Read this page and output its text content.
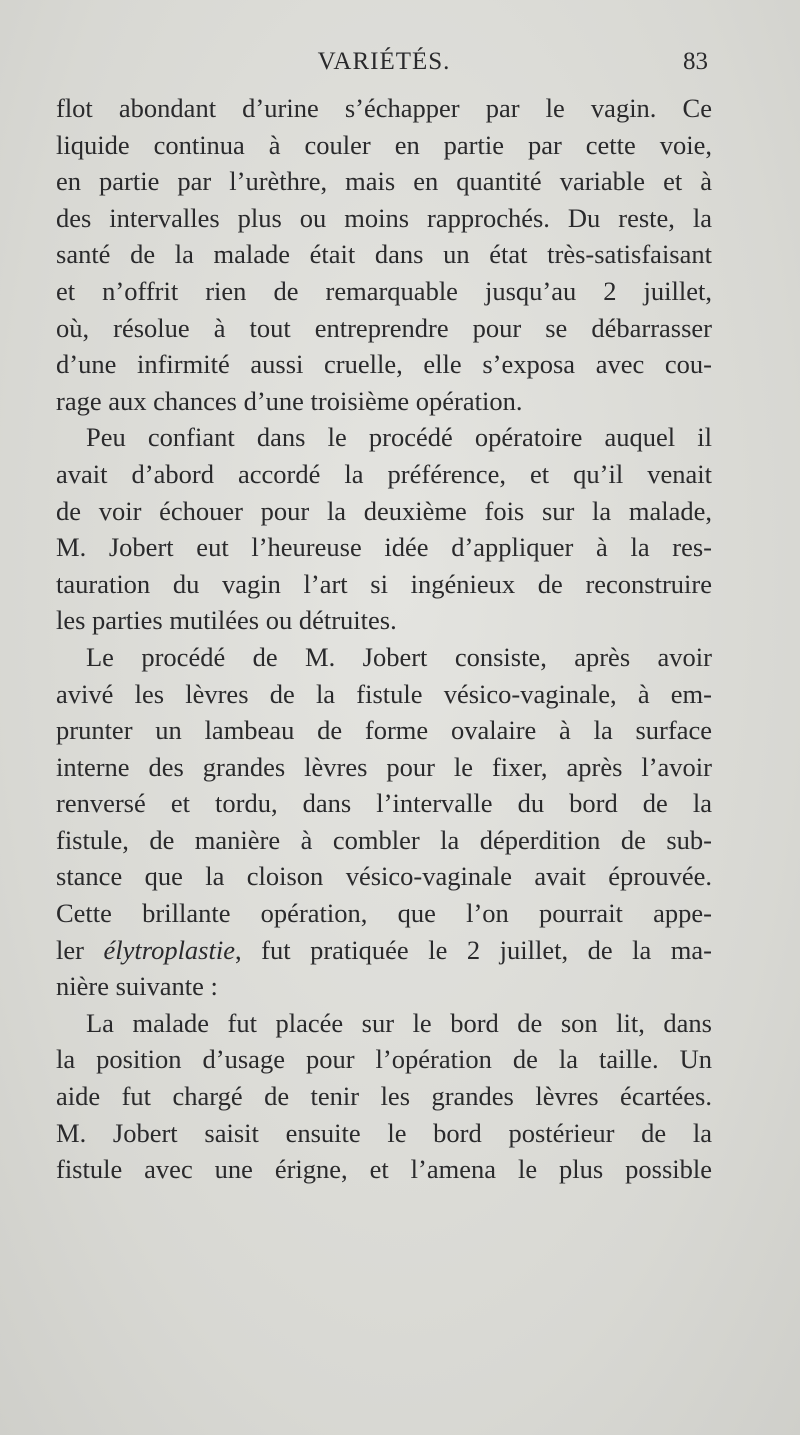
VARIÉTÉS.	83
flot abondant d’urine s’échapper par le vagin. Ce
liquide continua à couler en partie par cette voie,
en partie par l’urèthre, mais en quantité variable et à
des intervalles plus ou moins rapprochés. Du reste, la
santé de la malade était dans un état très-satisfaisant
et n’offrit rien de remarquable jusqu’au 2 juillet,
où, résolue à tout entreprendre pour se débarrasser
d’une infirmité aussi cruelle, elle s’exposa avec cou-
rage aux chances d’une troisième opération.
Peu confiant dans le procédé opératoire auquel il
avait d’abord accordé la préférence, et qu’il venait
de voir échouer pour la deuxième fois sur la malade,
M. Jobert eut l’heureuse idée d’appliquer à la res-
tauration du vagin l’art si ingénieux de reconstruire
les parties mutilées ou détruites.
Le procédé de M. Jobert consiste, après avoir
avivé les lèvres de la fistule vésico-vaginale, à em-
prunter un lambeau de forme ovalaire à la surface
interne des grandes lèvres pour le fixer, après l’avoir
renversé et tordu, dans l’intervalle du bord de la
fistule, de manière à combler la déperdition de sub-
stance que la cloison vésico-vaginale avait éprouvée.
Cette brillante opération, que l’on pourrait appe-
ler élytroplastie, fut pratiquée le 2 juillet, de la ma-
nière suivante :
La malade fut placée sur le bord de son lit, dans
la position d’usage pour l’opération de la taille. Un
aide fut chargé de tenir les grandes lèvres écartées.
M. Jobert saisit ensuite le bord postérieur de la
fistule avec une érigne, et l’amena le plus possible
